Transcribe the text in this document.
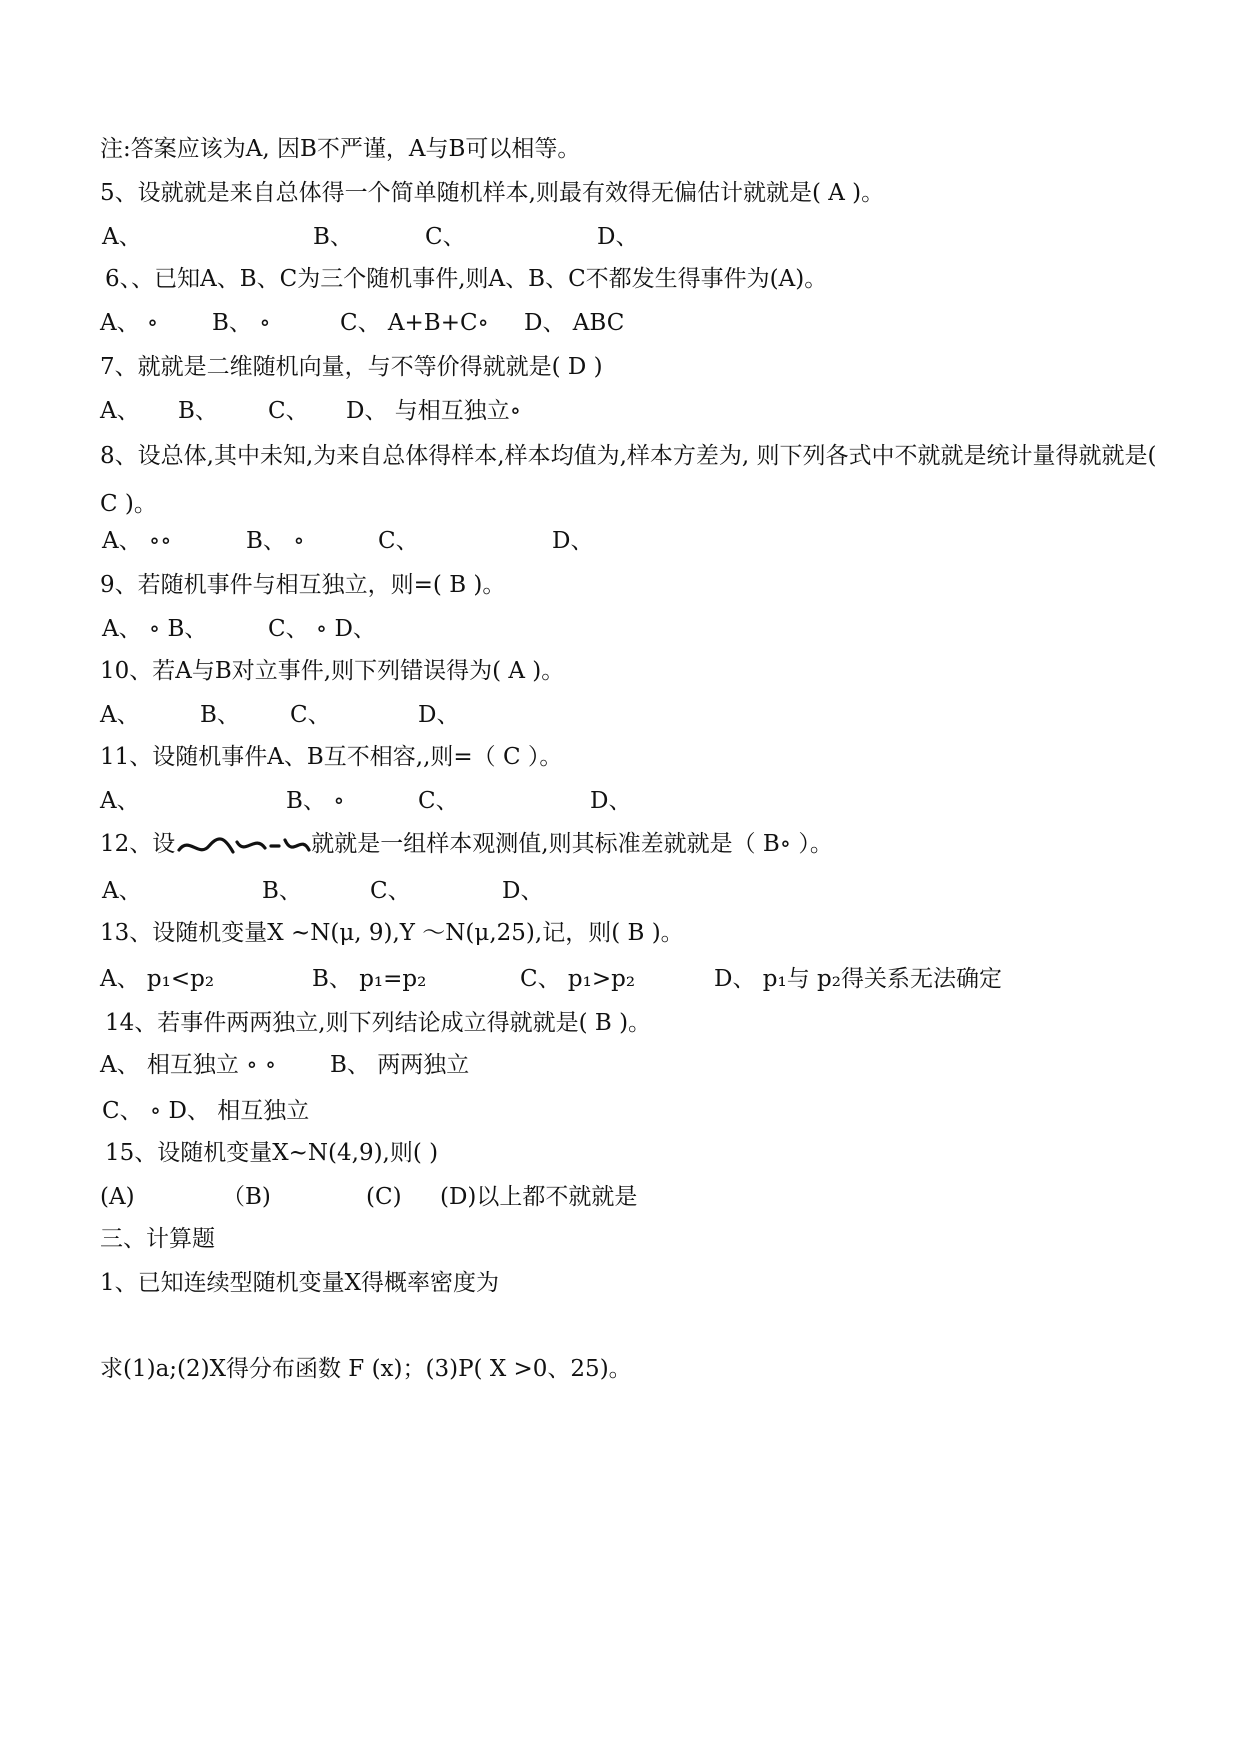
注:答案应该为A, 因B不严谨，A与B可以相等。
5、设就就是来自总体得一个简单随机样本,则最有效得无偏估计就就是( A )。
A、	B、	C、	D、
6、、已知A、B、C为三个随机事件,则A、B、C不都发生得事件为(A)。
A、 ∘ B、 ∘	C、 A+B+C∘ D、 ABC
7、就就是二维随机向量，与不等价得就就是( D )
A、 B、 C、 D、 与相互独立∘
8、设总体,其中未知,为来自总体得样本,样本均值为,样本方差为, 则下列各式中不就就是统计量得就就是( C )。
A、 ∘∘	B、 ∘	C、	D、
9、若随机事件与相互独立，则=( B )。
A、 ∘ B、	C、 ∘ D、
10、若A与B对立事件,则下列错误得为( A )。
A、	B、 C、	D、
11、设随机事件A、B互不相容,,则=（ C ）。
A、	B、 ∘	C、	D、
12、设	就就是一组样本观测值,则其标准差就就是（ B∘ ）。
A、	B、	C、	D、
13、设随机变量X ~N(μ, 9),Y ～N(μ,25),记，则( B )。
A、 p₁<p₂	B、 p₁=p₂	C、 p₁>p₂	D、 p₁与 p₂得关系无法确定
14、若事件两两独立,则下列结论成立得就就是( B )。
A、 相互独立 ∘ ∘ B、 两两独立
C、 ∘ D、 相互独立
15、设随机变量X~N(4,9),则( )
(A)	（B)	(C) (D)以上都不就就是
三、计算题
1、已知连续型随机变量X得概率密度为
求(1)a;(2)X得分布函数 F (x)；(3)P( X >0、25)。
